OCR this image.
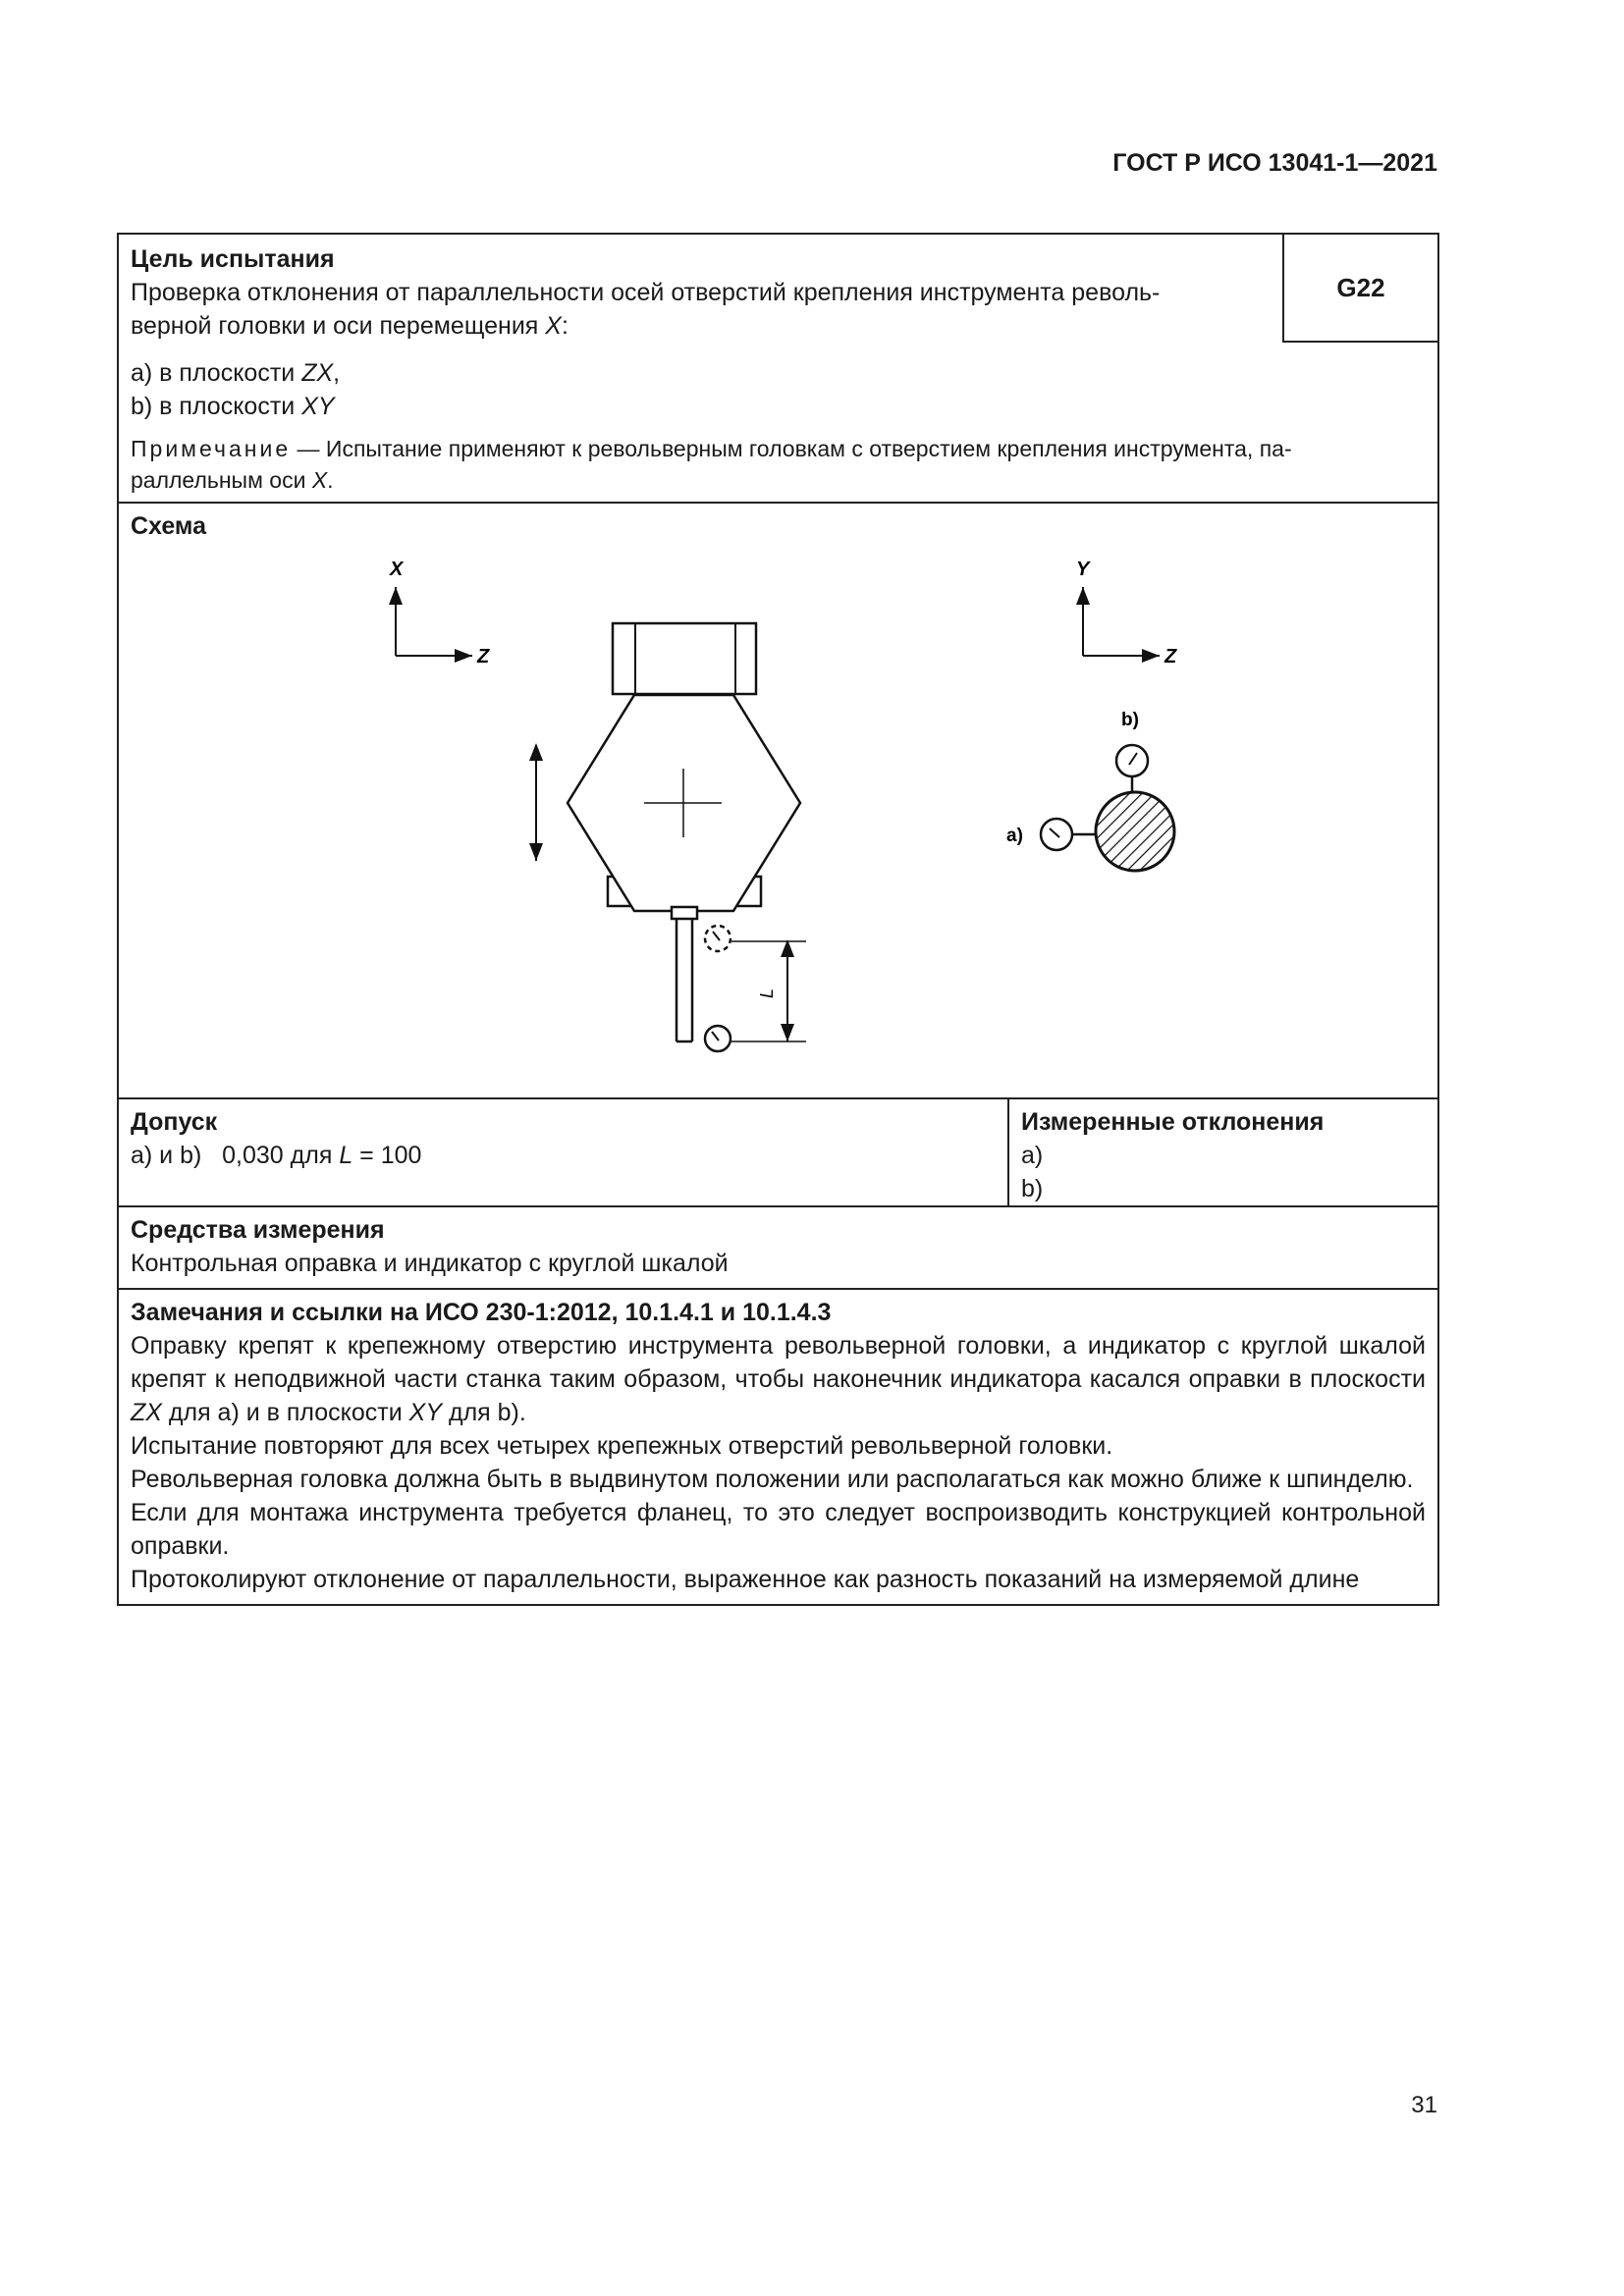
ГОСТ Р ИСО 13041-1—2021
G22
Цель испытания
Проверка отклонения от параллельности осей отверстий крепления инструмента револь-
верной головки и оси перемещения X:
a) в плоскости ZX,
b) в плоскости XY
Примечание — Испытание применяют к револьверным головкам с отверстием крепления инструмента, па-
раллельным оси X.
Схема
X
Z
L
Y
Z
b)
a)
Допуск
a) и b)   0,030 для L = 100
Измеренные отклонения
a)
b)
Средства измерения
Контрольная оправка и индикатор с круглой шкалой
Замечания и ссылки на ИСО 230-1:2012, 10.1.4.1 и 10.1.4.3
Оправку крепят к крепежному отверстию инструмента револьверной головки, а индикатор с круглой шкалой крепят к неподвижной части станка таким образом, чтобы наконечник индикатора касался оправки в плоскости ZX для a) и в плоскости XY для b).
Испытание повторяют для всех четырех крепежных отверстий револьверной головки.
Револьверная головка должна быть в выдвинутом положении или располагаться как можно ближе к шпинделю.
Если для монтажа инструмента требуется фланец, то это следует воспроизводить конструкцией контрольной оправки.
Протоколируют отклонение от параллельности, выраженное как разность показаний на измеряемой длине
31
